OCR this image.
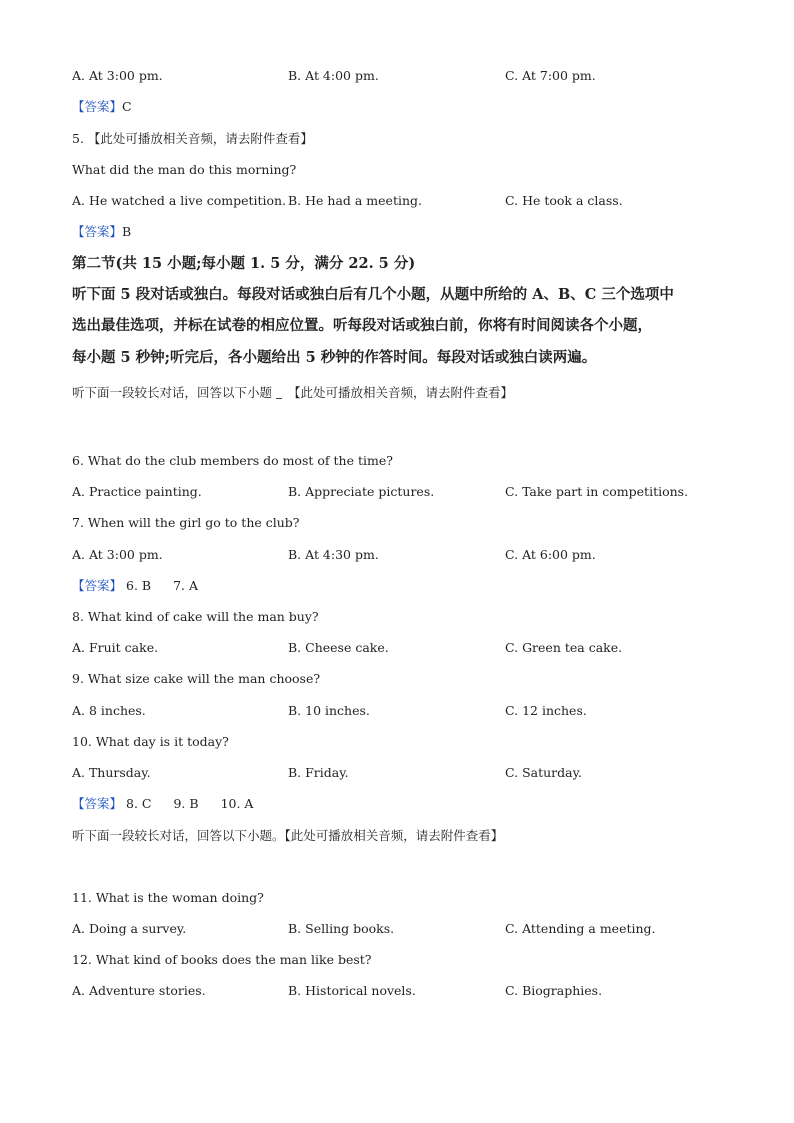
A. At 3:00 pm.	B. At 4:00 pm.	C. At 7:00 pm.
【答案】C
5. 【此处可播放相关音频，请去附件查看】
What did the man do this morning?
A. He watched a live competition. B. He had a meeting.	C. He took a class.
【答案】B
第二节(共 15 小题;每小题 1. 5 分，满分 22. 5 分)
听下面 5 段对话或独白。每段对话或独白后有几个小题，从题中所给的 A、B、C 三个选项中
选出最佳选项，并标在试卷的相应位置。听每段对话或独白前，你将有时间阅读各个小题，
每小题 5 秒钟;听完后，各小题给出 5 秒钟的作答时间。每段对话或独白读两遍。
听下面一段较长对话，回答以下小题 【此处可播放相关音频，请去附件查看】
6. What do the club members do most of the time?
A. Practice painting.	B. Appreciate pictures.	C. Take part in competitions.
7. When will the girl go to the club?
A. At 3:00 pm.	B. At 4:30 pm.	C. At 6:00 pm.
【答案】 6. B 7. A
8. What kind of cake will the man buy?
A. Fruit cake.	B. Cheese cake.	C. Green tea cake.
9. What size cake will the man choose?
A. 8 inches.	B. 10 inches.	C. 12 inches.
10. What day is it today?
A. Thursday.	B. Friday.	C. Saturday.
【答案】 8. C 9. B 10. A
听下面一段较长对话，回答以下小题。【此处可播放相关音频，请去附件查看】
11. What is the woman doing?
A. Doing a survey.	B. Selling books.	C. Attending a meeting.
12. What kind of books does the man like best?
A. Adventure stories.	B. Historical novels.	C. Biographies.
